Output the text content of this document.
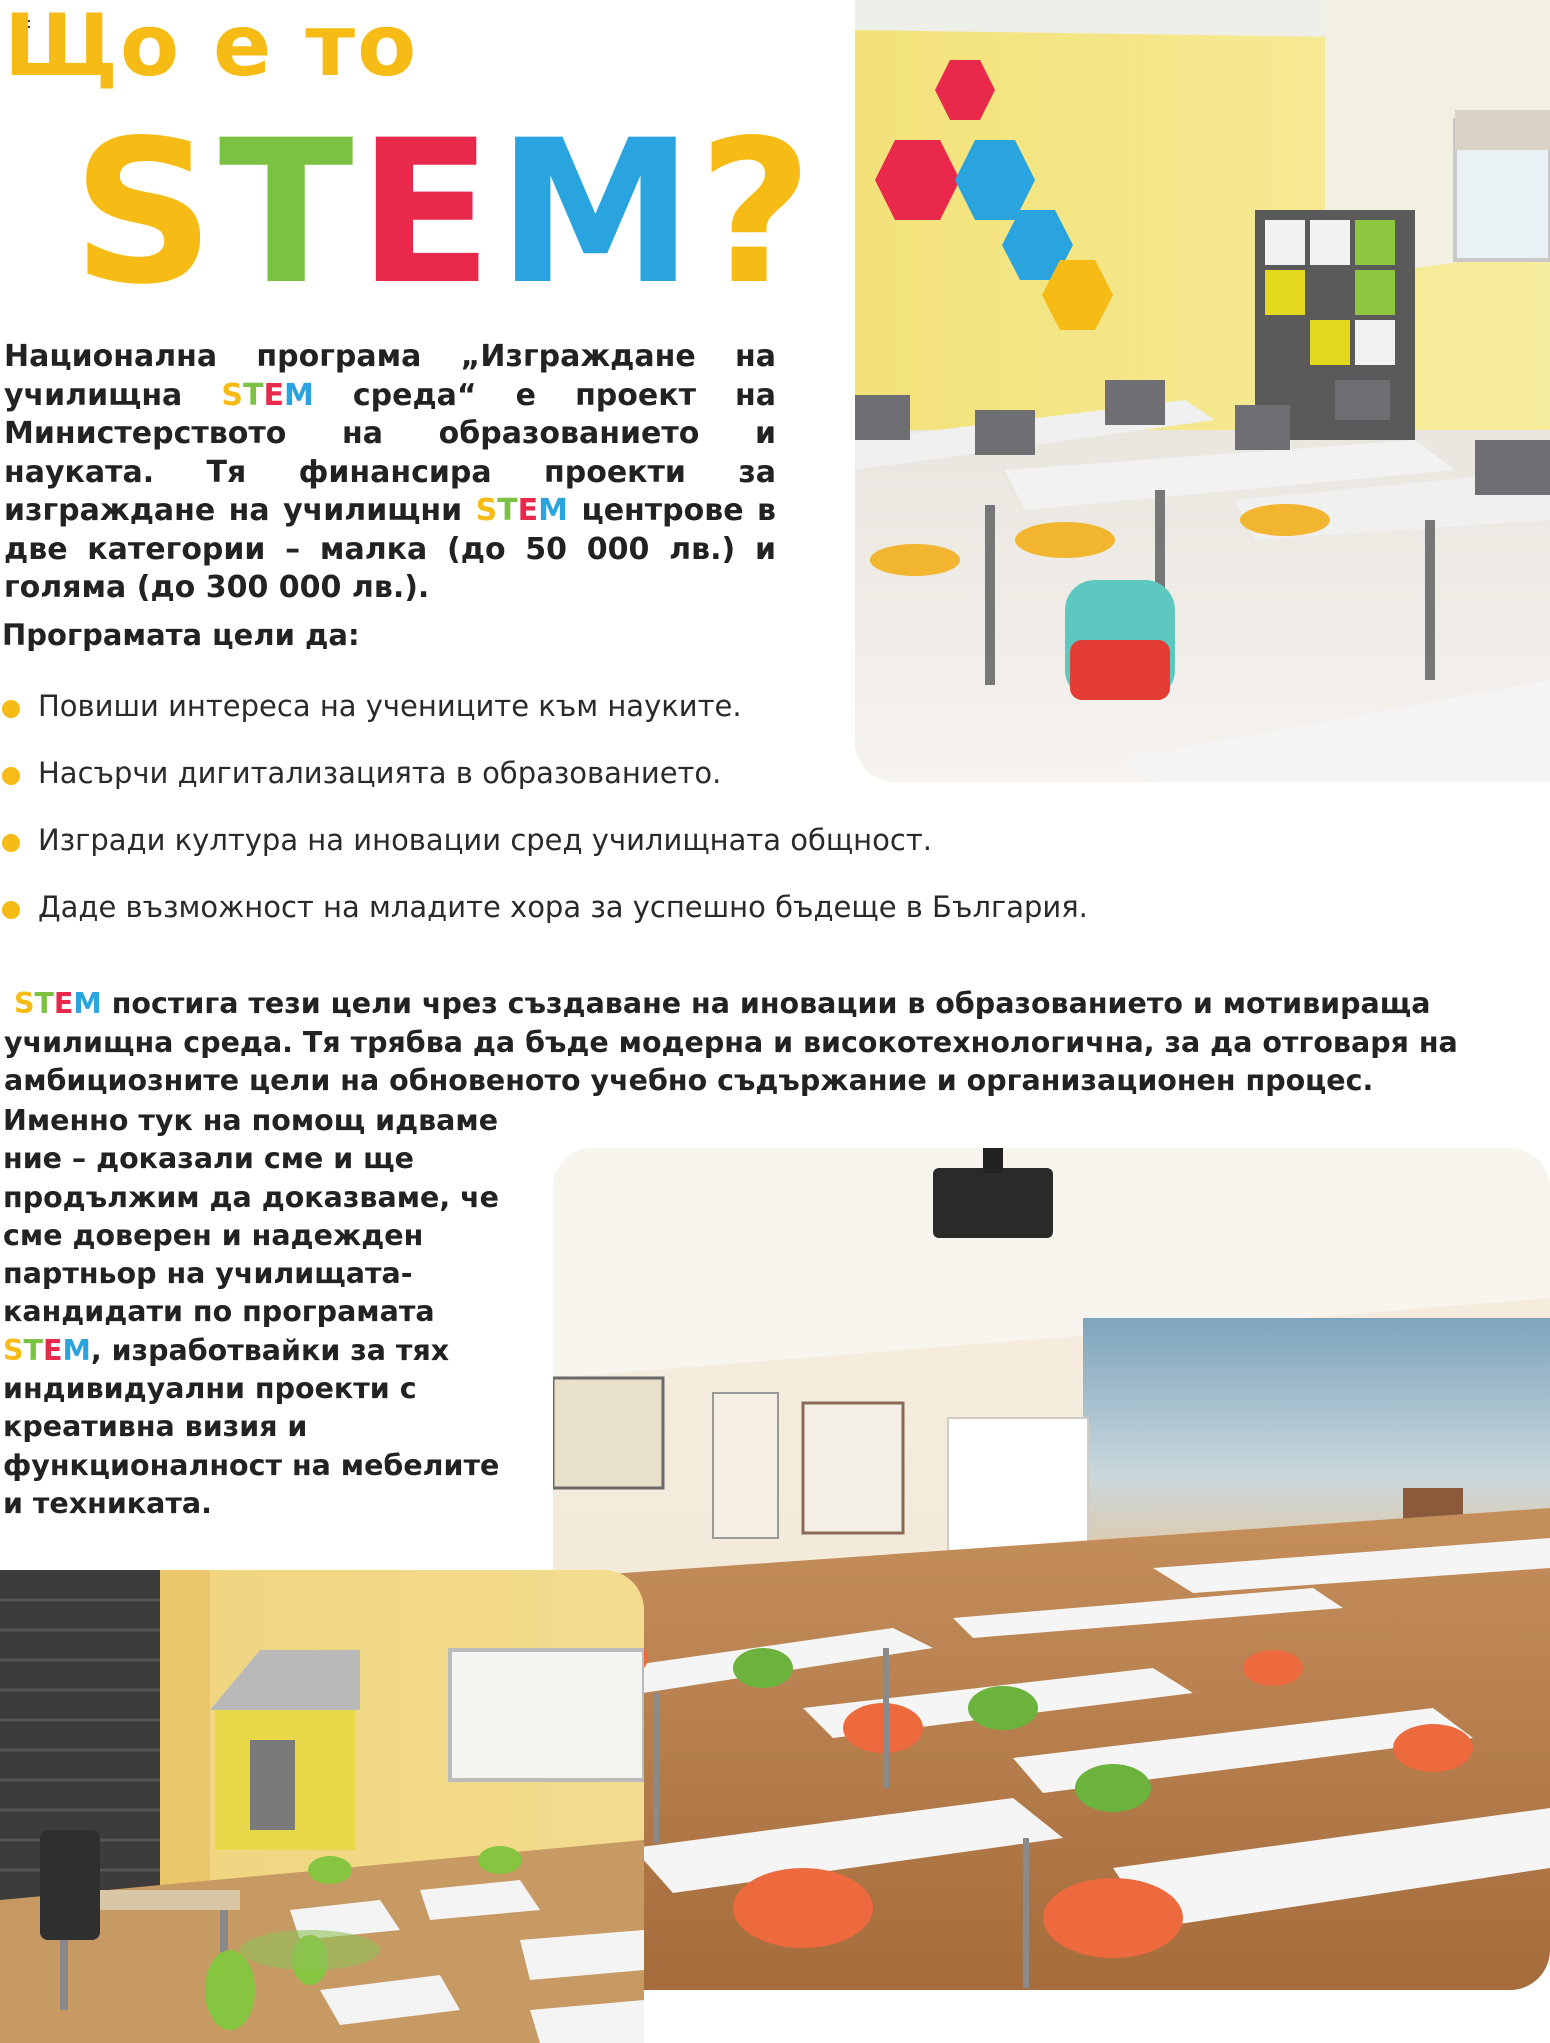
Що е то
STEM?
Национална програма „Изграждане на училищна STEM среда“ е проект на Министерството на образованието и науката. Тя финансира проекти за изграждане на училищни STEM центрове в две категории – малка (до 50 000 лв.) и голяма (до 300 000 лв.).
Програмата цели да:
Повиши интереса на учениците към науките.
Насърчи дигитализацията в образованието.
Изгради култура на иновации сред училищната общност.
Даде възможност на младите хора за успешно бъдеще в България.
STEM постига тези цели чрез създаване на иновации в образованието и мотивираща училищна среда. Тя трябва да бъде модерна и високотехнологична, за да отговаря на амбициозните цели на обновеното учебно съдържание и организационен процес.
Именно тук на помощ идваме ние – доказали сме и ще продължим да доказваме, че сме доверен и надежден партньор на училищата-кандидати по програмата STEM, изработвайки за тях индивидуални проекти с креативна визия и функционалност на мебелите и техниката.
